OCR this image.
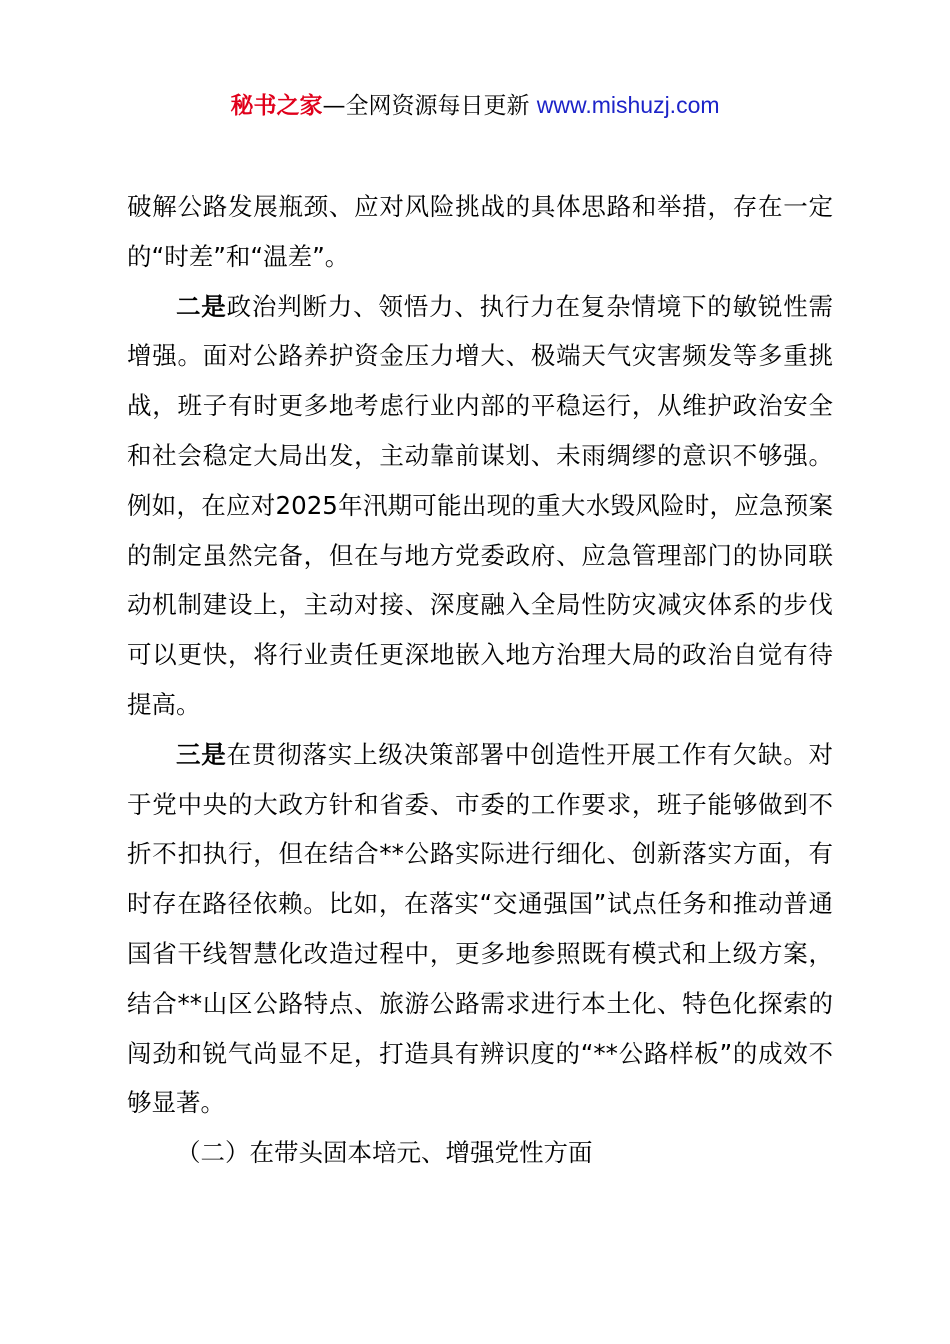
秘书之家—全网资源每日更新 www.mishuzj.com

破解公路发展瓶颈、应对风险挑战的具体思路和举措，存在一定的“时差”和“温差”。

二是政治判断力、领悟力、执行力在复杂情境下的敏锐性需增强。面对公路养护资金压力增大、极端天气灾害频发等多重挑战，班子有时更多地考虑行业内部的平稳运行，从维护政治安全和社会稳定大局出发，主动靠前谋划、未雨绸缪的意识不够强。例如，在应对2025年汛期可能出现的重大水毁风险时，应急预案的制定虽然完备，但在与地方党委政府、应急管理部门的协同联动机制建设上，主动对接、深度融入全局性防灾减灾体系的步伐可以更快，将行业责任更深地嵌入地方治理大局的政治自觉有待提高。

三是在贯彻落实上级决策部署中创造性开展工作有欠缺。对于党中央的大政方针和省委、市委的工作要求，班子能够做到不折不扣执行，但在结合**公路实际进行细化、创新落实方面，有时存在路径依赖。比如，在落实“交通强国”试点任务和推动普通国省干线智慧化改造过程中，更多地参照既有模式和上级方案，结合**山区公路特点、旅游公路需求进行本土化、特色化探索的闯劲和锐气尚显不足，打造具有辨识度的“**公路样板”的成效不够显著。

（二）在带头固本培元、增强党性方面
